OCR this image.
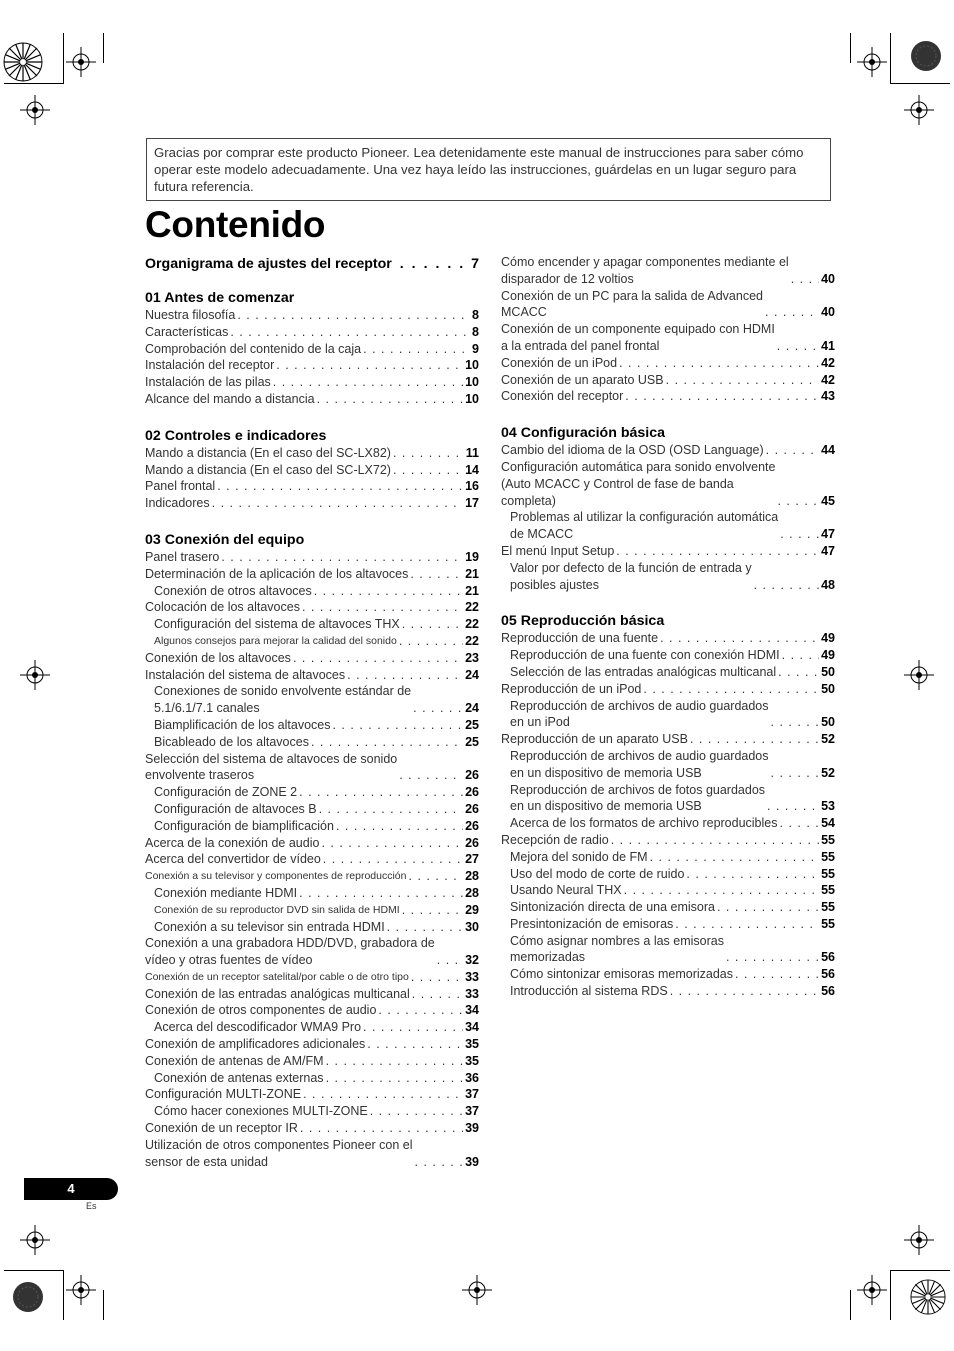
Gracias por comprar este producto Pioneer. Lea detenidamente este manual de instrucciones para saber cómo operar este modelo adecuadamente. Una vez haya leído las instrucciones, guárdelas en un lugar seguro para futura referencia.
Contenido
Organigrama de ajustes del receptor . . .	7
01 Antes de comenzar
Nuestra filosofía . . .	8
Características . . .	8
Comprobación del contenido de la caja . . .	9
Instalación del receptor . . .	10
Instalación de las pilas . . .	10
Alcance del mando a distancia . . .	10
02 Controles e indicadores
Mando a distancia (En el caso del SC-LX82) . . .	11
Mando a distancia (En el caso del SC-LX72) . . .	14
Panel frontal . . .	16
Indicadores . . .	17
03 Conexión del equipo
Panel trasero . . .	19
Determinación de la aplicación de los altavoces . . .	21
Conexión de otros altavoces . . .	21
Colocación de los altavoces . . .	22
Configuración del sistema de altavoces THX . . .	22
Algunos consejos para mejorar la calidad del sonido . . .	22
Conexión de los altavoces . . .	23
Instalación del sistema de altavoces . . .	24
Conexiones de sonido envolvente estándar de
5.1/6.1/7.1 canales . . .	24
Biamplificación de los altavoces . . .	25
Bicableado de los altavoces . . .	25
Selección del sistema de altavoces de sonido
envolvente traseros . . .	26
Configuración de ZONE 2 . . .	26
Configuración de altavoces B . . .	26
Configuración de biamplificación . . .	26
Acerca de la conexión de audio . . .	26
Acerca del convertidor de vídeo . . .	27
Conexión a su televisor y componentes de reproducción . . .	28
Conexión mediante HDMI . . .	28
Conexión de su reproductor DVD sin salida de HDMI . . .	29
Conexión a su televisor sin entrada HDMI . . .	30
Conexión a una grabadora HDD/DVD, grabadora de
vídeo y otras fuentes de vídeo . . .	32
Conexión de un receptor satelital/por cable o de otro tipo . . .	33
Conexión de las entradas analógicas multicanal . . .	33
Conexión de otros componentes de audio . . .	34
Acerca del descodificador WMA9 Pro . . .	34
Conexión de amplificadores adicionales . . .	35
Conexión de antenas de AM/FM . . .	35
Conexión de antenas externas . . .	36
Configuración MULTI-ZONE . . .	37
Cómo hacer conexiones MULTI-ZONE . . .	37
Conexión de un receptor IR . . .	39
Utilización de otros componentes Pioneer con el
sensor de esta unidad . . .	39
Cómo encender y apagar componentes mediante el
disparador de 12 voltios . . .	40
Conexión de un PC para la salida de Advanced
MCACC . . .	40
Conexión de un componente equipado con HDMI
a la entrada del panel frontal . . .	41
Conexión de un iPod . . .	42
Conexión de un aparato USB . . .	42
Conexión del receptor . . .	43
04 Configuración básica
Cambio del idioma de la OSD (OSD Language) . . .	44
Configuración automática para sonido envolvente
(Auto MCACC y Control de fase de banda
completa) . . .	45
Problemas al utilizar la configuración automática
de MCACC . . .	47
El menú Input Setup . . .	47
Valor por defecto de la función de entrada y
posibles ajustes . . .	48
05 Reproducción básica
Reproducción de una fuente . . .	49
Reproducción de una fuente con conexión HDMI . . .	49
Selección de las entradas analógicas multicanal . . .	50
Reproducción de un iPod . . .	50
Reproducción de archivos de audio guardados
en un iPod . . .	50
Reproducción de un aparato USB . . .	52
Reproducción de archivos de audio guardados
en un dispositivo de memoria USB . . .	52
Reproducción de archivos de fotos guardados
en un dispositivo de memoria USB . . .	53
Acerca de los formatos de archivo reproducibles . . .	54
Recepción de radio . . .	55
Mejora del sonido de FM . . .	55
Uso del modo de corte de ruido . . .	55
Usando Neural THX . . .	55
Sintonización directa de una emisora . . .	55
Presintonización de emisoras . . .	55
Cómo asignar nombres a las emisoras
memorizadas . . .	56
Cómo sintonizar emisoras memorizadas . . .	56
Introducción al sistema RDS . . .	56
4
Es
